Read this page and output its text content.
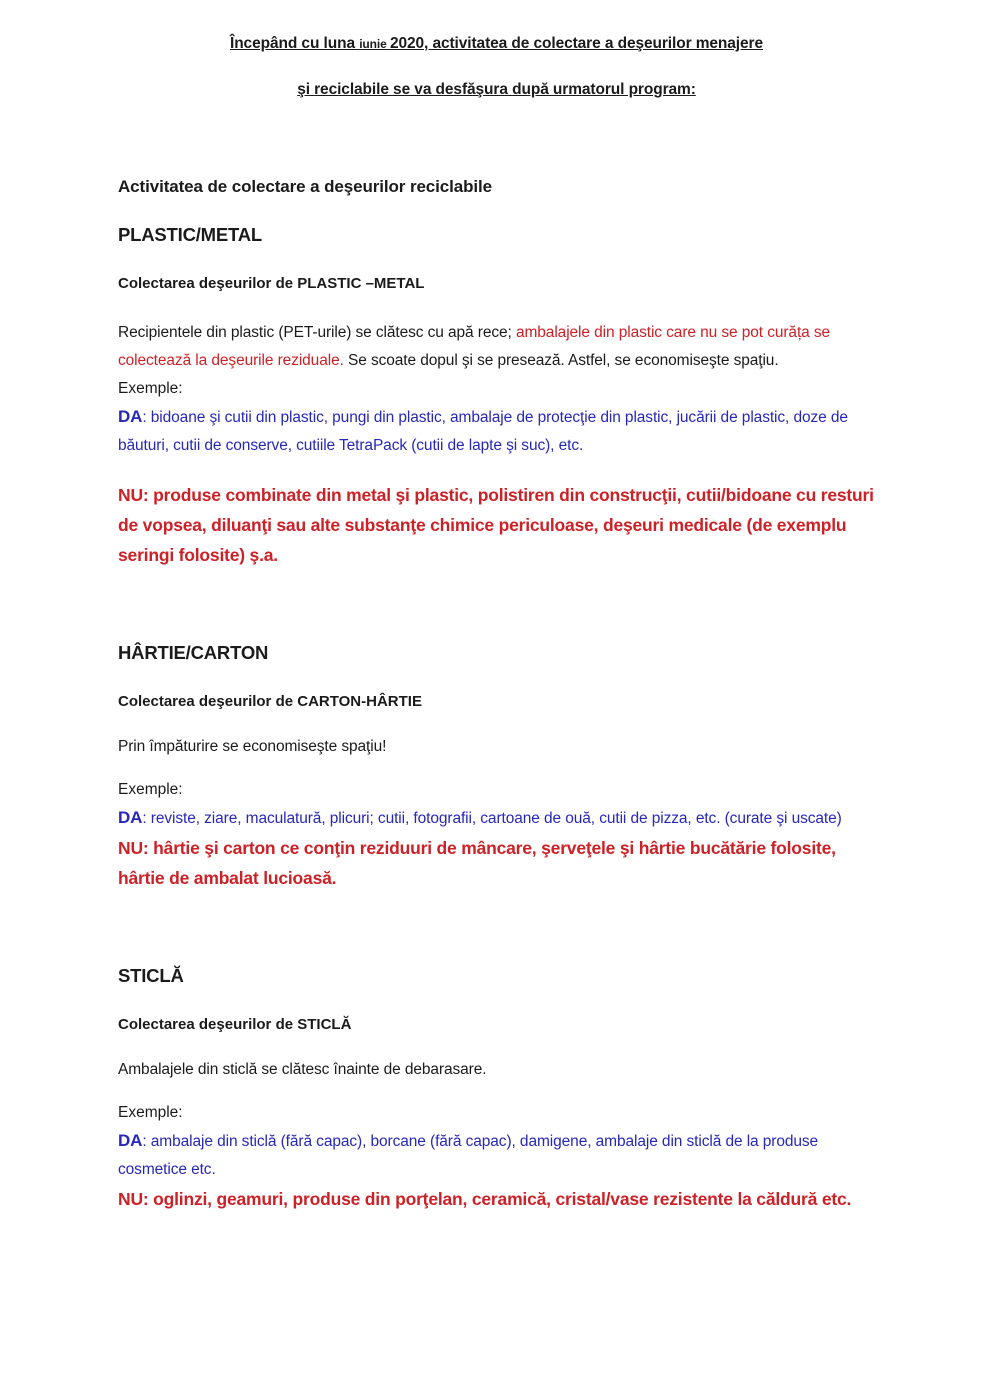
Începând cu luna iunie 2020, activitatea de colectare a deşeurilor menajere
şi reciclabile se va desfăşura după urmatorul program:
Activitatea de colectare a deşeurilor reciclabile
PLASTIC/METAL
Colectarea deşeurilor de PLASTIC –METAL
Recipientele din plastic (PET-urile) se clătesc cu apă rece; ambalajele din plastic care nu se pot curăța se colectează la deşeurile reziduale. Se scoate dopul şi se presează. Astfel, se economiseşte spaţiu.
Exemple:
DA: bidoane şi cutii din plastic, pungi din plastic, ambalaje de protecţie din plastic, jucării de plastic, doze de băuturi, cutii de conserve, cutiile TetraPack (cutii de lapte şi suc), etc.
NU: produse combinate din metal şi plastic, polistiren din construcţii, cutii/bidoane cu resturi de vopsea, diluanţi sau alte substanţe chimice periculoase, deşeuri medicale (de exemplu seringi folosite) ş.a.
HÂRTIE/CARTON
Colectarea deşeurilor de CARTON-HÂRTIE
Prin împăturire se economiseşte spaţiu!
Exemple:
DA: reviste, ziare, maculatură, plicuri; cutii, fotografii, cartoane de ouă, cutii de pizza, etc. (curate şi uscate)
NU: hârtie şi carton ce conţin reziduuri de mâncare, şerveţele şi hârtie bucătărie folosite, hârtie de ambalat lucioasă.
STICLĂ
Colectarea deşeurilor de STICLĂ
Ambalajele din sticlă se clătesc înainte de debarasare.
Exemple:
DA: ambalaje din sticlă (fără capac), borcane (fără capac), damigene, ambalaje din sticlă de la produse cosmetice etc.
NU: oglinzi, geamuri, produse din porţelan, ceramică, cristal/vase rezistente la căldură etc.
